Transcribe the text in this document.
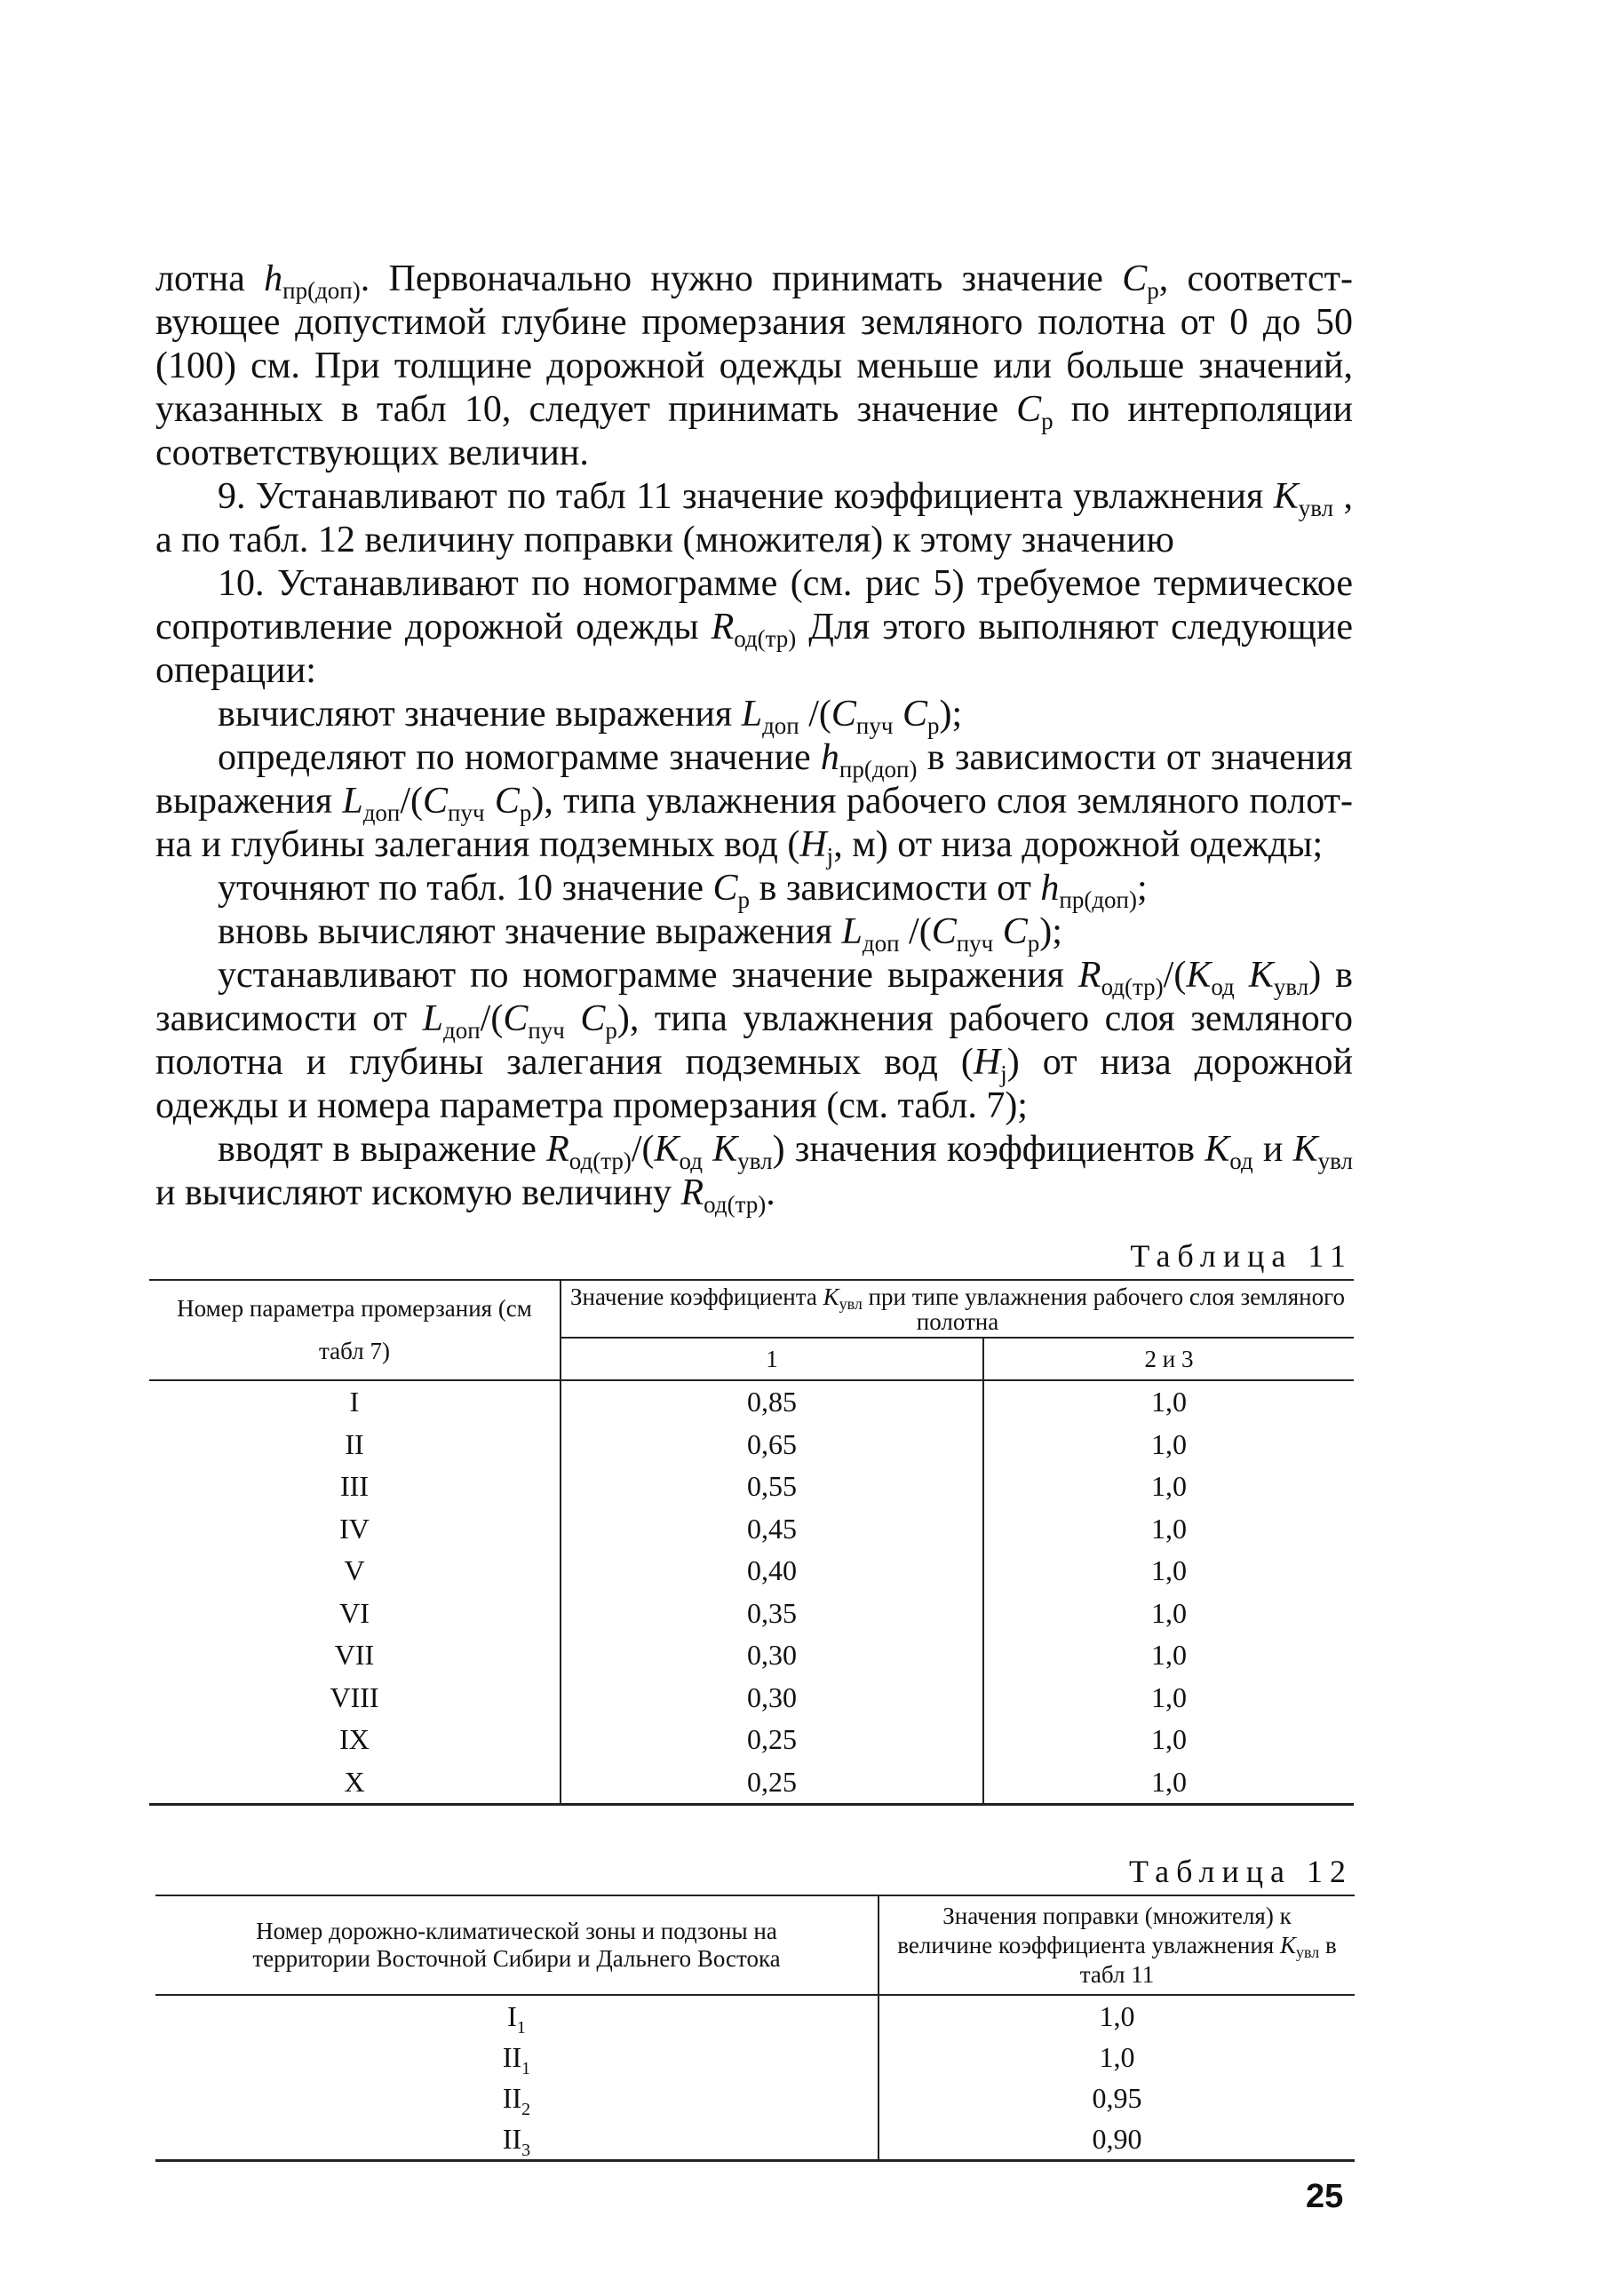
лотна $h_{пр(доп)}$. Первоначально нужно принимать значение $C_р$, соответствующее допустимой глубине промерзания земляного полотна от 0 до 50 (100) см. При толщине дорожной одежды меньше или больше значений, указанных в табл 10, следует принимать значение $C_р$ по интерполяции соответствующих величин.

9. Устанавливают по табл 11 значение коэффициента увлажнения $K_{увл}$ , а по табл. 12 величину поправки (множителя) к этому значению

10. Устанавливают по номограмме (см. рис 5) требуемое термическое сопротивление дорожной одежды $R_{од(тр)}$ Для этого выполняют следующие операции:

вычисляют значение выражения $L_{доп}$ $/(C_{пуч}$ $C_р$);

определяют по номограмме значение $h_{пр(доп)}$ в зависимости от значения выражения $L_{доп}/(C_{пуч}$ $C_р$), типа увлажнения рабочего слоя земляного полотна и глубины залегания подземных вод ($H_j$, м) от низа дорожной одежды;

уточняют по табл. 10 значение $C_р$ в зависимости от $h_{пр(доп)}$;

вновь вычисляют значение выражения $L_{доп}$ $/(C_{пуч}$ $C_р$);

устанавливают по номограмме значение выражения $R_{од(тр)}/(K_{од}$ $K_{увл}$) в зависимости от $L_{доп}/(C_{пуч}$ $C_р$), типа увлажнения рабочего слоя земляного полотна и глубины залегания подземных вод $(H_j)$ от низа дорожной одежды и номера параметра промерзания (см. табл. 7);

вводят в выражение $R_{од(тр)}/(K_{од}$ $K_{увл}$) значения коэффициентов $K_{од}$ и $K_{увл}$ и вычисляют искомую величину $R_{од(тр)}$.

Таблица 11
Номер параметра промерзания (см табл 7)	Значение коэффициента $K_{увл}$ при типе увлажнения рабочего слоя земляного полотна	
	1	2 и 3
I	0,85	1,0
II	0,65	1,0
III	0,55	1,0
IV	0,45	1,0
V	0,40	1,0
VI	0,35	1,0
VII	0,30	1,0
VIII	0,30	1,0
IX	0,25	1,0
X	0,25	1,0
Таблица 12
Номер дорожно-климатической зоны и подзоны на территории Восточной Сибири и Дальнего Востока	Значения поправки (множителя) к величине коэффициента увлажнения $K_{увл}$ в табл 11
$I_1$	1,0
$II_1$	1,0
$II_2$	0,95
$II_3$	0,90
25
